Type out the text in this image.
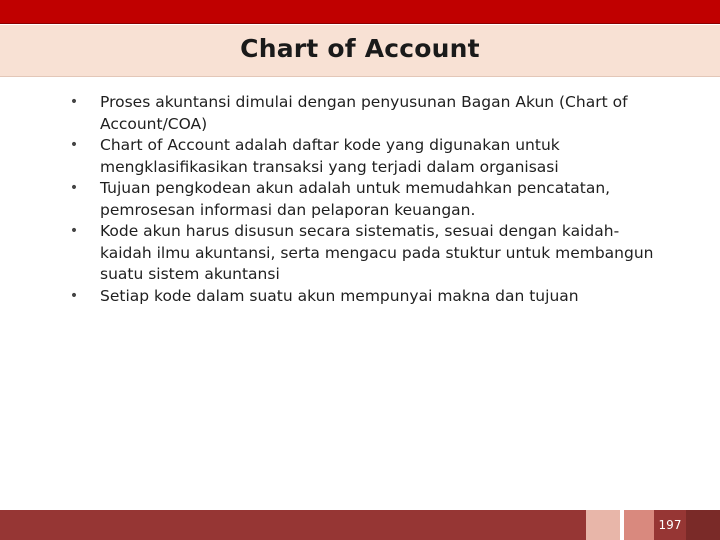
Chart of Account
• Proses akuntansi dimulai dengan penyusunan Bagan Akun (Chart of Account/COA)
• Chart of Account adalah daftar kode yang digunakan untuk mengklasifikasikan transaksi yang terjadi dalam organisasi
• Tujuan pengkodean akun adalah untuk memudahkan pencatatan, pemrosesan informasi dan pelaporan keuangan.
• Kode akun harus disusun secara sistematis, sesuai dengan kaidah-kaidah ilmu akuntansi, serta mengacu pada stuktur untuk membangun suatu sistem akuntansi
• Setiap kode dalam suatu akun mempunyai makna dan tujuan
197
